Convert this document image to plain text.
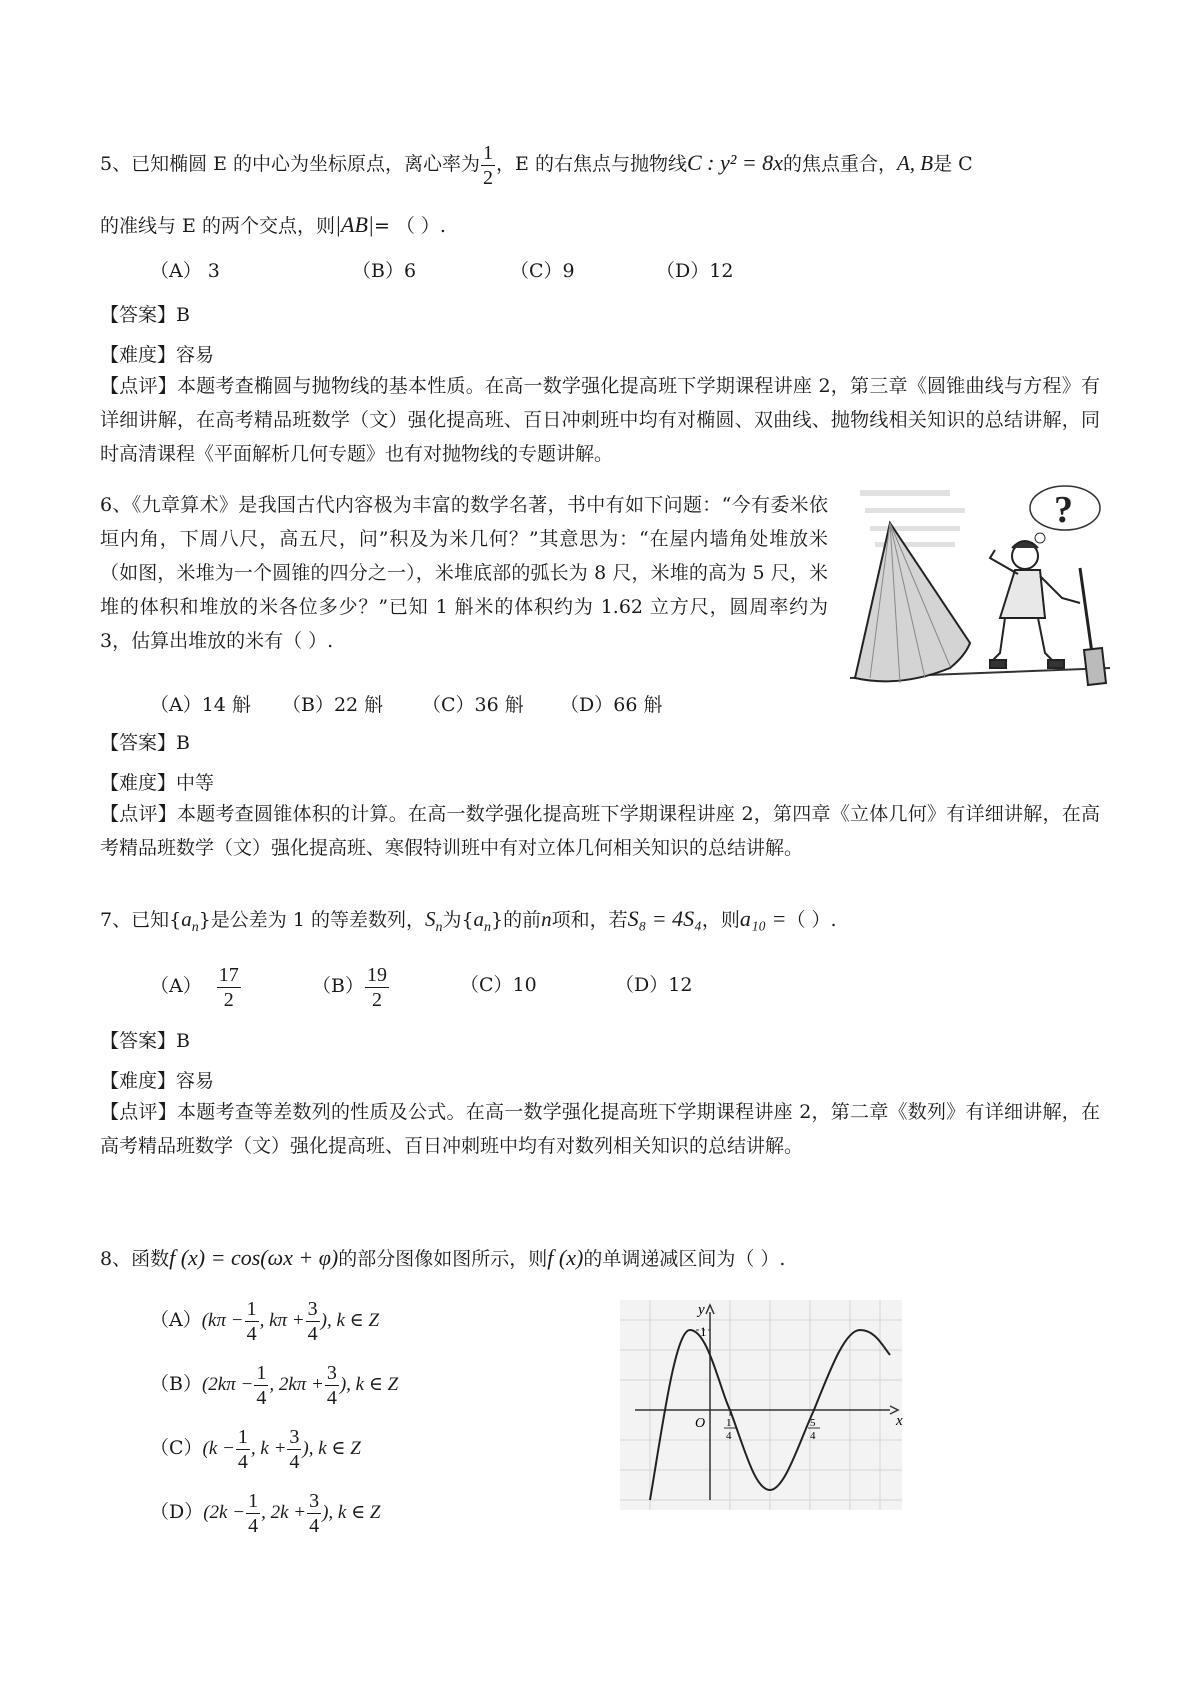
5、已知椭圆 E 的中心为坐标原点，离心率为 $\frac{1}{2}$ ，E 的右焦点与抛物线C : y² = 8x的焦点重合，A, B是 C
的准线与 E 的两个交点，则|AB|= （ ）.
（A） 3	（B）6	（C）9	（D）12
【答案】B
【难度】容易
【点评】本题考查椭圆与抛物线的基本性质。在高一数学强化提高班下学期课程讲座 2，第三章《圆锥曲线与方程》有详细讲解，在高考精品班数学（文）强化提高班、百日冲刺班中均有对椭圆、双曲线、抛物线相关知识的总结讲解，同时高清课程《平面解析几何专题》也有对抛物线的专题讲解。
6、《九章算术》是我国古代内容极为丰富的数学名著，书中有如下问题：“今有委米依垣内角，下周八尺，高五尺，问”积及为米几何？”其意思为：“在屋内墙角处堆放米（如图，米堆为一个圆锥的四分之一），米堆底部的弧长为 8 尺，米堆的高为 5 尺，米堆的体积和堆放的米各位多少？”已知 1 斛米的体积约为 1.62 立方尺，圆周率约为 3，估算出堆放的米有（ ）.
?
（A）14 斛 （B）22 斛 （C）36 斛 （D）66 斛
【答案】B
【难度】中等
【点评】本题考查圆锥体积的计算。在高一数学强化提高班下学期课程讲座 2，第四章《立体几何》有详细讲解，在高考精品班数学（文）强化提高班、寒假特训班中有对立体几何相关知识的总结讲解。
7、已知$\{a_n\}$是公差为 1 的等差数列，$S_n$为$\{a_n\}$的前n项和，若S₈ = 4S₄，则a₁₀ =（ ）.
$(A) \frac{17}{2}$	$(B) \frac{19}{2}$	（C）10	（D）12
【答案】B
【难度】容易
【点评】本题考查等差数列的性质及公式。在高一数学强化提高班下学期课程讲座 2，第二章《数列》有详细讲解，在高考精品班数学（文）强化提高班、百日冲刺班中均有对数列相关知识的总结讲解。
8、函数f (x) = cos(ωx + φ)的部分图像如图所示，则f (x)的单调递减区间为（ ）.
$(A)(k\pi - \frac{1}{4}$ , $k\pi + \frac{3}{4}$ ), k ∈ Z
$(B)(2k\pi - \frac{1}{4}$ , $2k\pi + \frac{3}{4}$ ), k ∈ Z
$(C)(k - \frac{1}{4}$ , $k + \frac{3}{4}$ ), k ∈ Z
$(D)(2k - \frac{1}{4}$ , $2k + \frac{3}{4}$ ), k ∈ Z
y
x
O
1
1
4
5
4
